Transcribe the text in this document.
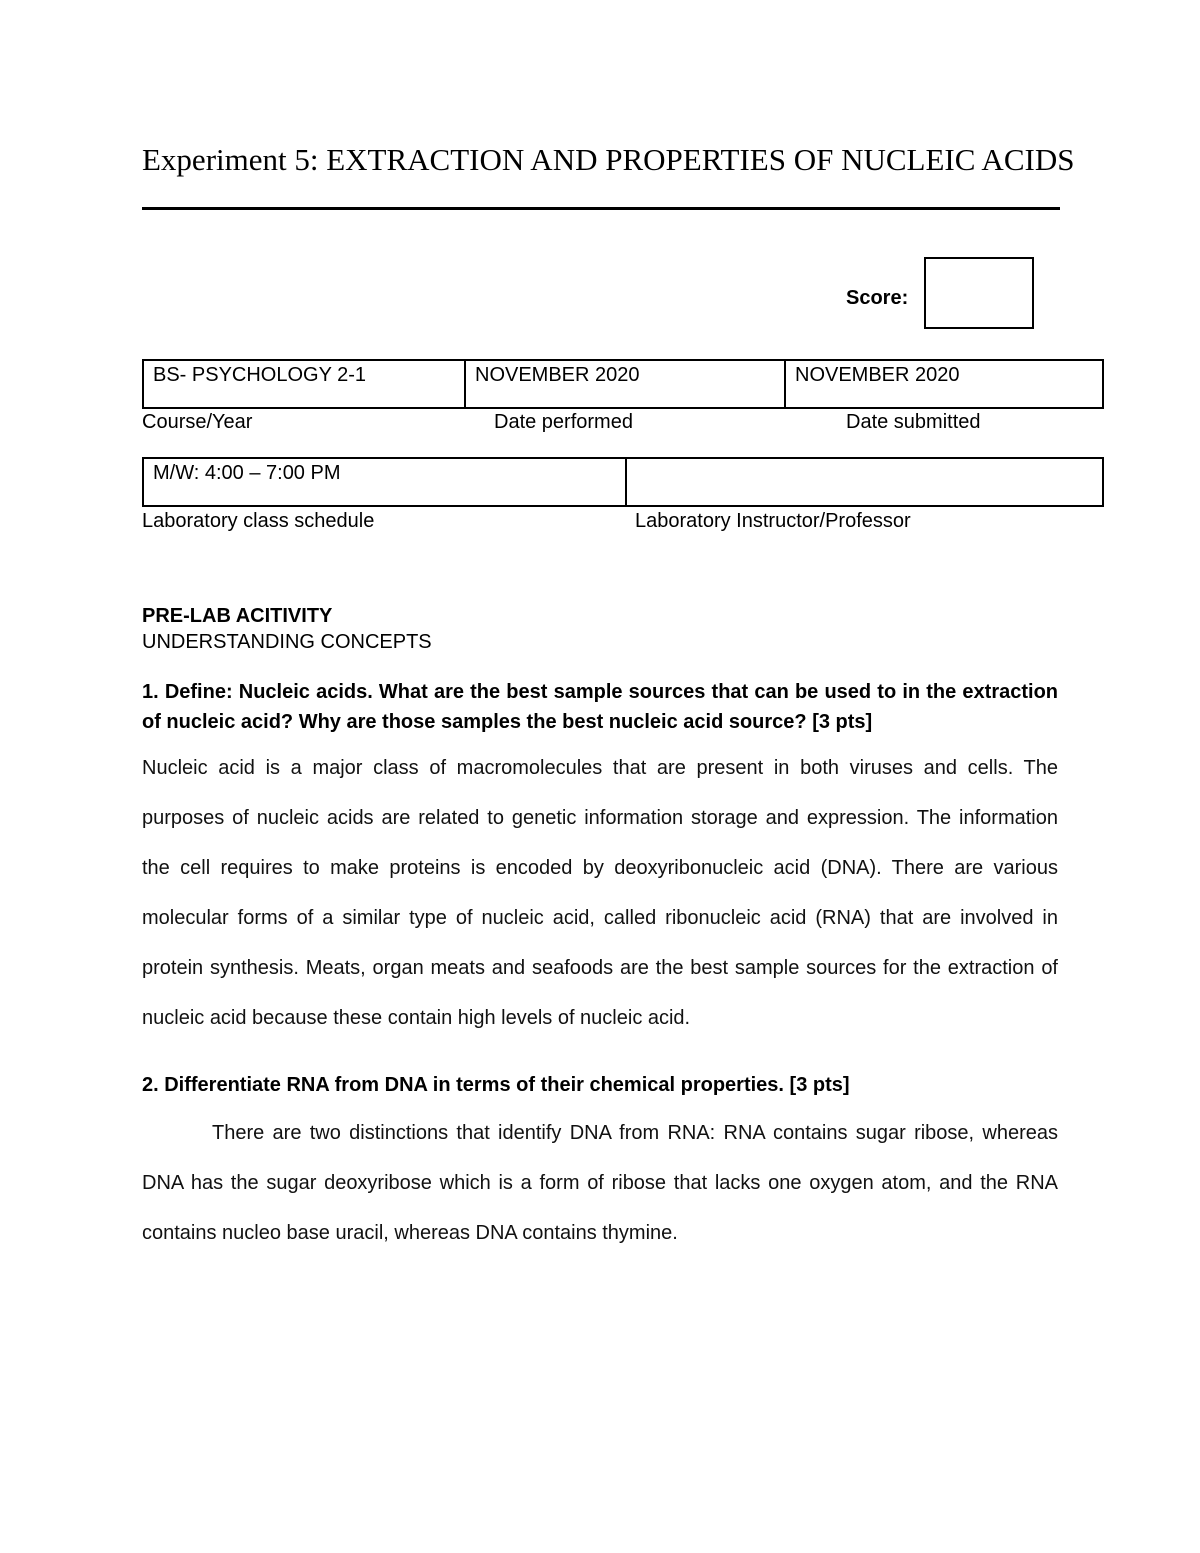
Experiment 5: EXTRACTION AND PROPERTIES OF NUCLEIC ACIDS
Score:
BS- PSYCHOLOGY 2-1	NOVEMBER 2020	NOVEMBER 2020
Course/Year	Date performed	Date submitted
M/W: 4:00 – 7:00 PM
Laboratory class schedule	Laboratory Instructor/Professor
PRE-LAB ACITIVITY
UNDERSTANDING CONCEPTS
1. Define: Nucleic acids. What are the best sample sources that can be used to in the extraction of nucleic acid? Why are those samples the best nucleic acid source? [3 pts]
Nucleic acid is a major class of macromolecules that are present in both viruses and cells. The purposes of nucleic acids are related to genetic information storage and expression. The information the cell requires to make proteins is encoded by deoxyribonucleic acid (DNA). There are various molecular forms of a similar type of nucleic acid, called ribonucleic acid (RNA) that are involved in protein synthesis. Meats, organ meats and seafoods are the best sample sources for the extraction of nucleic acid because these contain high levels of nucleic acid.
2. Differentiate RNA from DNA in terms of their chemical properties. [3 pts]
There are two distinctions that identify DNA from RNA: RNA contains sugar ribose, whereas DNA has the sugar deoxyribose which is a form of ribose that lacks one oxygen atom, and the RNA contains nucleo base uracil, whereas DNA contains thymine.
